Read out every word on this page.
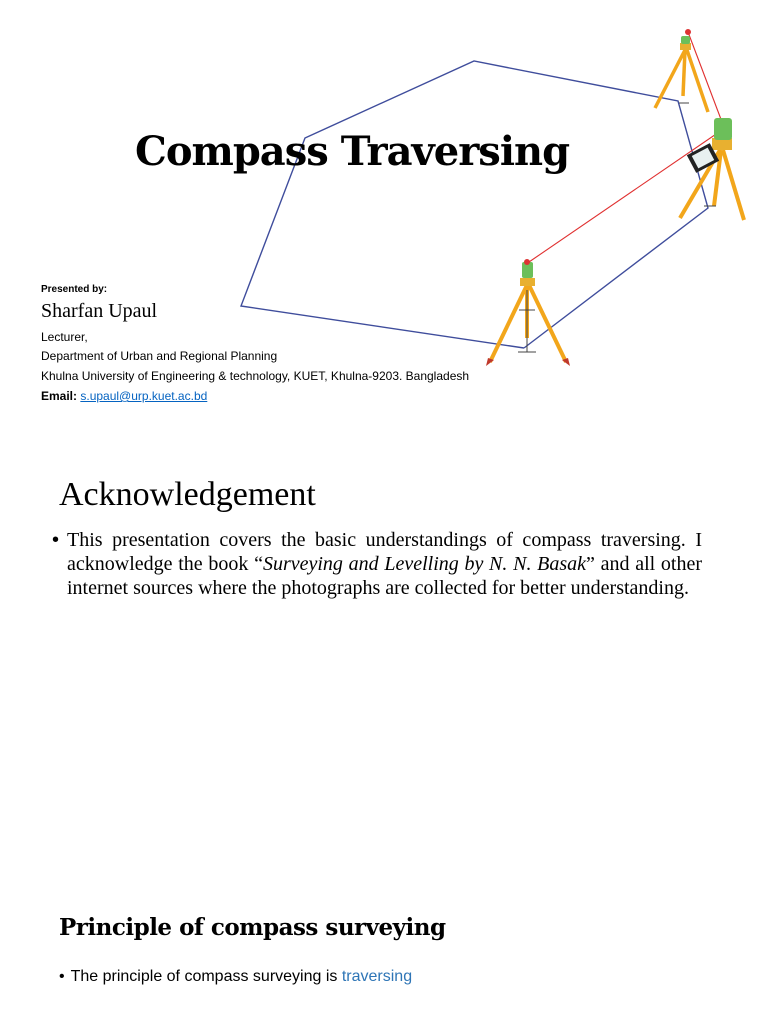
Compass Traversing
Presented by:
Sharfan Upaul
Lecturer,
Department of Urban and Regional Planning
Khulna University of Engineering & technology, KUET, Khulna-9203. Bangladesh
Email: s.upaul@urp.kuet.ac.bd
Acknowledgement
• This presentation covers the basic understandings of compass traversing. I acknowledge the book “Surveying and Levelling by N. N. Basak” and all other internet sources where the photographs are collected for better understanding.
Principle of compass surveying
• The principle of compass surveying is traversing
